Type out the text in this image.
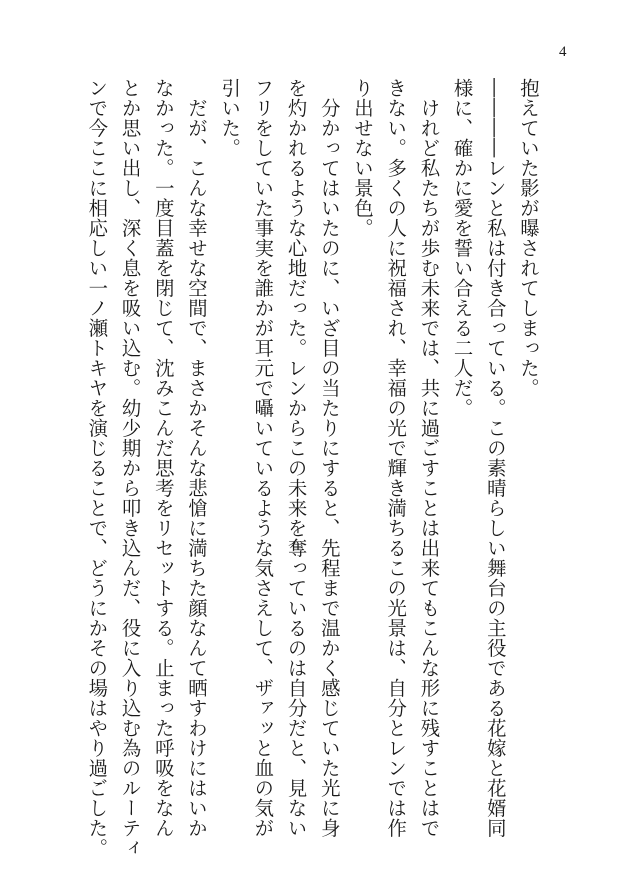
4

抱えていた影が曝されてしまった。

――――レンと私は付き合っている。この素晴らしい舞台の主役である花嫁と花婿同

様に、確かに愛を誓い合える二人だ。

　けれど私たちが歩む未来では、共に過ごすことは出来てもこんな形に残すことはで

きない。多くの人に祝福され、幸福の光で輝き満ちるこの光景は、自分とレンでは作

り出せない景色。

　分かってはいたのに、いざ目の当たりにすると、先程まで温かく感じていた光に身

を灼かれるような心地だった。レンからこの未来を奪っているのは自分だと、見ない

フリをしていた事実を誰かが耳元で囁いているような気さえして、ザァッと血の気が

引いた。

　だが、こんな幸せな空間で、まさかそんな悲愴に満ちた顔なんて晒すわけにはいか

なかった。一度目蓋を閉じて、沈みこんだ思考をリセットする。止まった呼吸をなん

とか思い出し、深く息を吸い込む。幼少期から叩き込んだ、役に入り込む為のルーティ

ンで今ここに相応しい一ノ瀬トキヤを演じることで、どうにかその場はやり過ごした。
